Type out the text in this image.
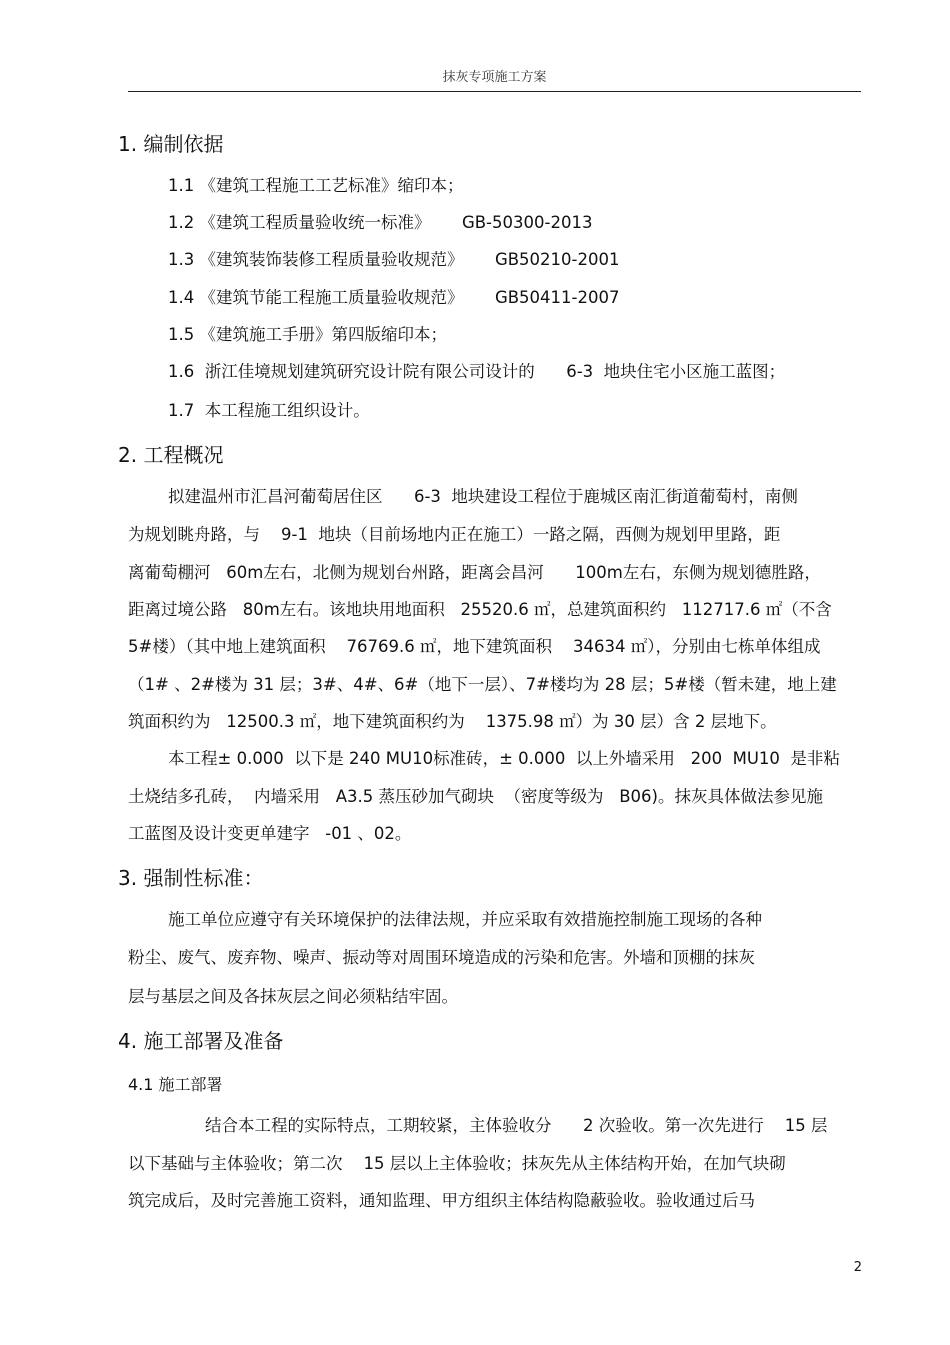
抹灰专项施工方案
1. 编制依据
1.1 《建筑工程施工工艺标准》缩印本；
1.2 《建筑工程质量验收统一标准》      GB-50300-2013
1.3 《建筑装饰装修工程质量验收规范》      GB50210-2001
1.4 《建筑节能工程施工质量验收规范》      GB50411-2007
1.5 《建筑施工手册》第四版缩印本；
1.6  浙江佳境规划建筑研究设计院有限公司设计的      6-3  地块住宅小区施工蓝图；
1.7  本工程施工组织设计。
2. 工程概况
拟建温州市汇昌河葡萄居住区      6-3  地块建设工程位于鹿城区南汇街道葡萄村，南侧
为规划眺舟路，与    9-1  地块（目前场地内正在施工）一路之隔，西侧为规划甲里路，距
离葡萄棚河   60m左右，北侧为规划台州路，距离会昌河      100m左右，东侧为规划德胜路，
距离过境公路   80m左右。该地块用地面积   25520.6 ㎡，总建筑面积约   112717.6 ㎡（不含
5#楼）（其中地上建筑面积    76769.6 ㎡，地下建筑面积    34634 ㎡），分别由七栋单体组成
（1# 、2#楼为 31 层；3#、4#、6#（地下一层）、7#楼均为 28 层；5#楼（暂未建，地上建
筑面积约为   12500.3 ㎡，地下建筑面积约为    1375.98 ㎡）为 30 层）含 2 层地下。
本工程± 0.000  以下是 240 MU10标准砖，± 0.000  以上外墙采用   200  MU10  是非粘
土烧结多孔砖，  内墙采用   A3.5 蒸压砂加气砌块  （密度等级为   B06)。抹灰具体做法参见施
工蓝图及设计变更单建字   -01 、02。
3. 强制性标准：
施工单位应遵守有关环境保护的法律法规，并应采取有效措施控制施工现场的各种
粉尘、废气、废弃物、噪声、振动等对周围环境造成的污染和危害。外墙和顶棚的抹灰
层与基层之间及各抹灰层之间必须粘结牢固。
4. 施工部署及准备
4.1 施工部署
结合本工程的实际特点，工期较紧，主体验收分      2 次验收。第一次先进行    15 层
以下基础与主体验收；第二次    15 层以上主体验收；抹灰先从主体结构开始，在加气块砌
筑完成后，及时完善施工资料，通知监理、甲方组织主体结构隐蔽验收。验收通过后马
2
